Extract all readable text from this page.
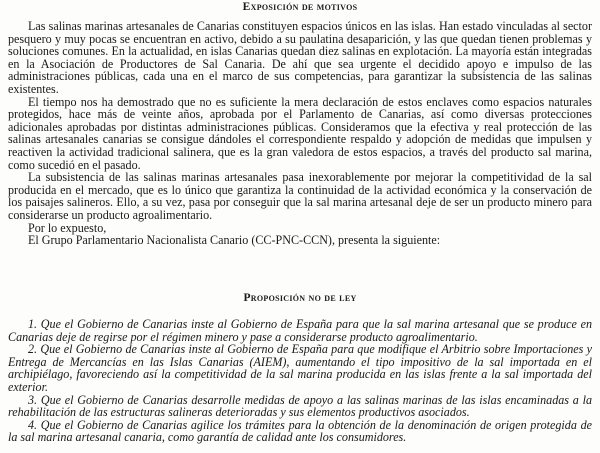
Exposición de motivos

Las salinas marinas artesanales de Canarias constituyen espacios únicos en las islas. Han estado vinculadas al sector pesquero y muy pocas se encuentran en activo, debido a su paulatina desaparición, y las que quedan tienen problemas y soluciones comunes. En la actualidad, en islas Canarias quedan diez salinas en explotación. La mayoría están integradas en la Asociación de Productores de Sal Canaria. De ahí que sea urgente el decidido apoyo e impulso de las administraciones públicas, cada una en el marco de sus competencias, para garantizar la subsistencia de las salinas existentes.

El tiempo nos ha demostrado que no es suficiente la mera declaración de estos enclaves como espacios naturales protegidos, hace más de veinte años, aprobada por el Parlamento de Canarias, así como diversas protecciones adicionales aprobadas por distintas administraciones públicas. Consideramos que la efectiva y real protección de las salinas artesanales canarias se consigue dándoles el correspondiente respaldo y adopción de medidas que impulsen y reactiven la actividad tradicional salinera, que es la gran valedora de estos espacios, a través del producto sal marina, como sucedió en el pasado.

La subsistencia de las salinas marinas artesanales pasa inexorablemente por mejorar la competitividad de la sal producida en el mercado, que es lo único que garantiza la continuidad de la actividad económica y la conservación de los paisajes salineros. Ello, a su vez, pasa por conseguir que la sal marina artesanal deje de ser un producto minero para considerarse un producto agroalimentario.

Por lo expuesto,

El Grupo Parlamentario Nacionalista Canario (CC-PNC-CCN), presenta la siguiente:

Proposición no de ley

1. Que el Gobierno de Canarias inste al Gobierno de España para que la sal marina artesanal que se produce en Canarias deje de regirse por el régimen minero y pase a considerarse producto agroalimentario.

2. Que el Gobierno de Canarias inste al Gobierno de España para que modifique el Arbitrio sobre Importaciones y Entrega de Mercancías en las Islas Canarias (AIEM), aumentando el tipo impositivo de la sal importada en el archipiélago, favoreciendo así la competitividad de la sal marina producida en las islas frente a la sal importada del exterior.

3. Que el Gobierno de Canarias desarrolle medidas de apoyo a las salinas marinas de las islas encaminadas a la rehabilitación de las estructuras salineras deterioradas y sus elementos productivos asociados.

4. Que el Gobierno de Canarias agilice los trámites para la obtención de la denominación de origen protegida de la sal marina artesanal canaria, como garantía de calidad ante los consumidores.
